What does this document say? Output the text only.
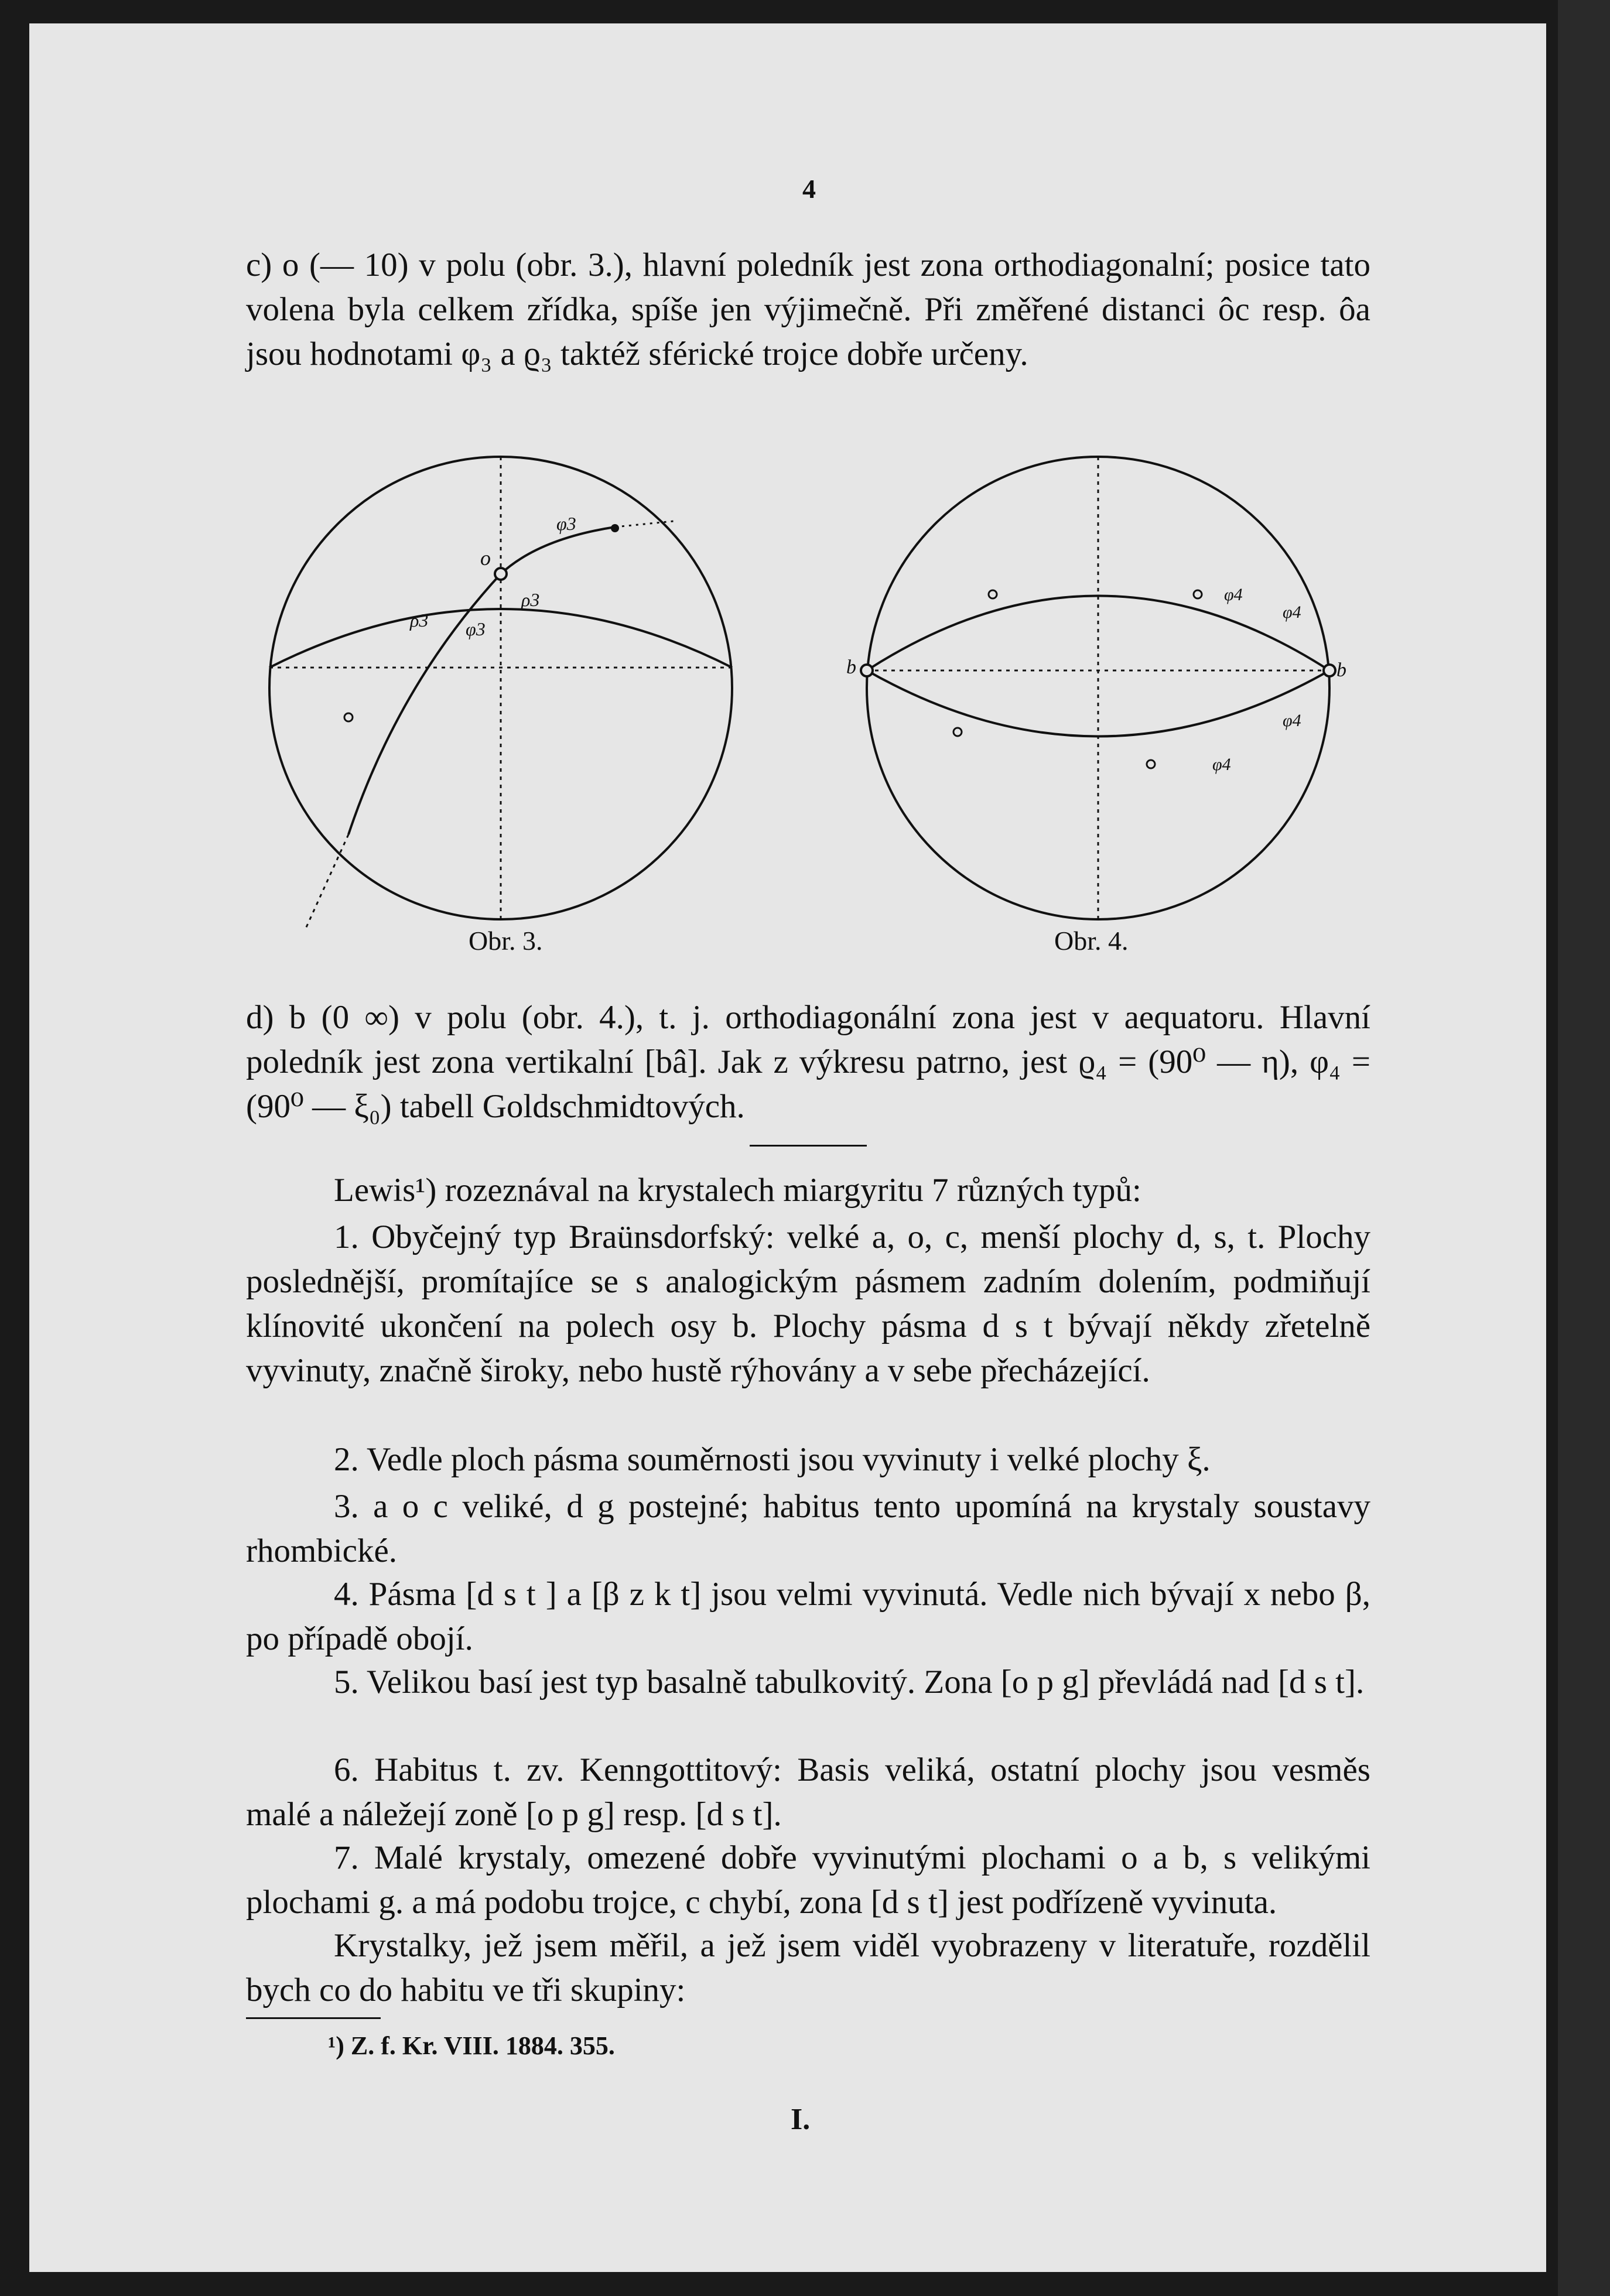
4
c) o (— 10) v polu (obr. 3.), hlavní poledník jest zona orthodiagonalní; posice tato volena byla celkem zřídka, spíše jen výjimečně. Při změřené distanci ôc resp. ôa jsou hodnotami φ₃ a ϱ₃ taktéž sférické trojce dobře určeny.
o
φ3
ρ3
ρ3 φ3
b	b
φ4
φ4
φ4
φ4
Obr. 3.	Obr. 4.
d) b (0 ∞) v polu (obr. 4.), t. j. orthodiagonální zona jest v aequatoru. Hlavní poledník jest zona vertikalní [bâ]. Jak z výkresu patrno, jest ϱ₄ = (90⁰ — η), φ₄ = (90⁰ — ξ₀) tabell Goldschmidtových.
Lewis¹) rozeznával na krystalech miargyritu 7 různých typů:
1. Obyčejný typ Braünsdorfský: velké a, o, c, menší plochy d, s, t. Plochy poslednější, promítajíce se s analogickým pásmem zadním dolením, podmiňují klínovité ukončení na polech osy b. Plochy pásma d s t bývají někdy zřetelně vyvinuty, značně široky, nebo hustě rýhovány a v sebe přecházející.
2. Vedle ploch pásma souměrnosti jsou vyvinuty i velké plochy ξ.
3. a o c veliké, d g postejné; habitus tento upomíná na krystaly soustavy rhombické.
4. Pásma [d s t ] a [β z k t] jsou velmi vyvinutá. Vedle nich bývají x nebo β, po případě obojí.
5. Velikou basí jest typ basalně tabulkovitý. Zona [o p g] převládá nad [d s t].
6. Habitus t. zv. Kenngottitový: Basis veliká, ostatní plochy jsou vesměs malé a náležejí zoně [o p g] resp. [d s t].
7. Malé krystaly, omezené dobře vyvinutými plochami o a b, s velikými plochami g. a má podobu trojce, c chybí, zona [d s t] jest podřízeně vyvinuta.
Krystalky, jež jsem měřil, a jež jsem viděl vyobrazeny v literatuře, rozdělil bych co do habitu ve tři skupiny:
¹) Z. f. Kr. VIII. 1884. 355.
I.
